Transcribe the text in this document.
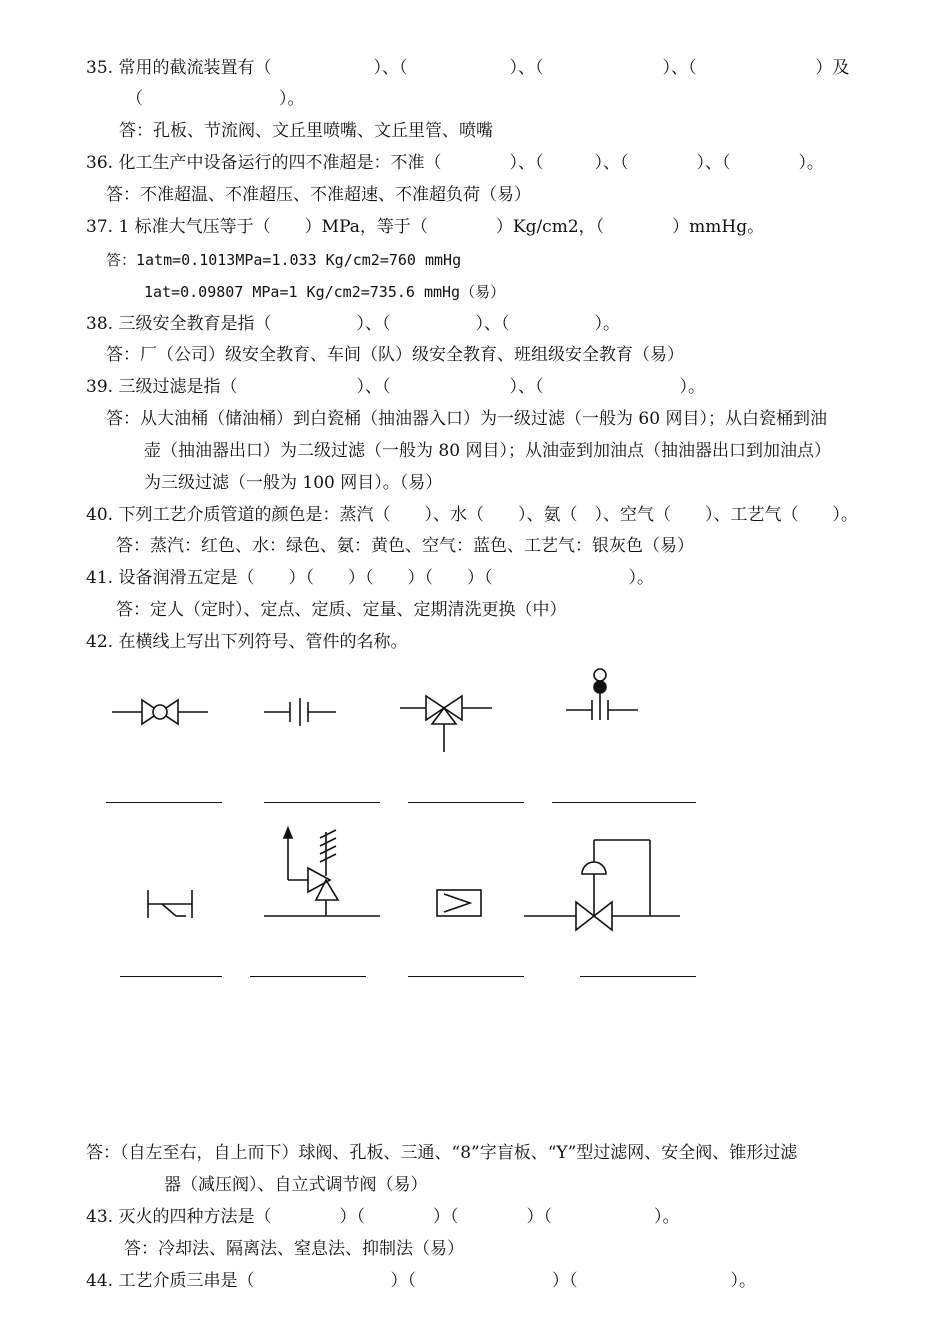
35. 常用的截流装置有（　　　　　　）、（　　　　　　）、（　　　　　　　）、（　　　　　　　）及
（　　　　　　　　）。
答：孔板、节流阀、文丘里喷嘴、文丘里管、喷嘴
36. 化工生产中设备运行的四不准超是：不准（　　　　）、（　　　）、（　　　　）、（　　　　）。
答：不准超温、不准超压、不准超速、不准超负荷（易）
37. 1 标准大气压等于（　　）MPa，等于（　　　　）Kg/cm2，（　　　　）mmHg。
答：1atm=0.1013MPa=1.033 Kg/cm2=760 mmHg
1at=0.09807 MPa=1 Kg/cm2=735.6 mmHg（易）
38. 三级安全教育是指（　　　　　）、（　　　　　）、（　　　　　）。
答：厂（公司）级安全教育、车间（队）级安全教育、班组级安全教育（易）
39. 三级过滤是指（　　　　　　　）、（　　　　　　　）、（　　　　　　　　）。
答：从大油桶（储油桶）到白瓷桶（抽油器入口）为一级过滤（一般为 60 网目）；从白瓷桶到油
壶（抽油器出口）为二级过滤（一般为 80 网目）；从油壶到加油点（抽油器出口到加油点）
为三级过滤（一般为 100 网目）。（易）
40. 下列工艺介质管道的颜色是：蒸汽（　　）、水（　　）、氨（　）、空气（　　）、工艺气（　　）。
答：蒸汽：红色、水：绿色、氨：黄色、空气：蓝色、工艺气：银灰色（易）
41. 设备润滑五定是（　　）（　　）（　　）（　　）（　　　　　　　　）。
答：定人（定时）、定点、定质、定量、定期清洗更换（中）
42. 在横线上写出下列符号、管件的名称。
答：（自左至右，自上而下）球阀、孔板、三通、“8”字盲板、“Y”型过滤网、安全阀、锥形过滤
器（减压阀）、自立式调节阀（易）
43. 灭火的四种方法是（　　　　）（　　　　）（　　　　）（　　　　　　）。
答：冷却法、隔离法、窒息法、抑制法（易）
44. 工艺介质三串是（　　　　　　　　）（　　　　　　　　）（　　　　　　　　　）。
